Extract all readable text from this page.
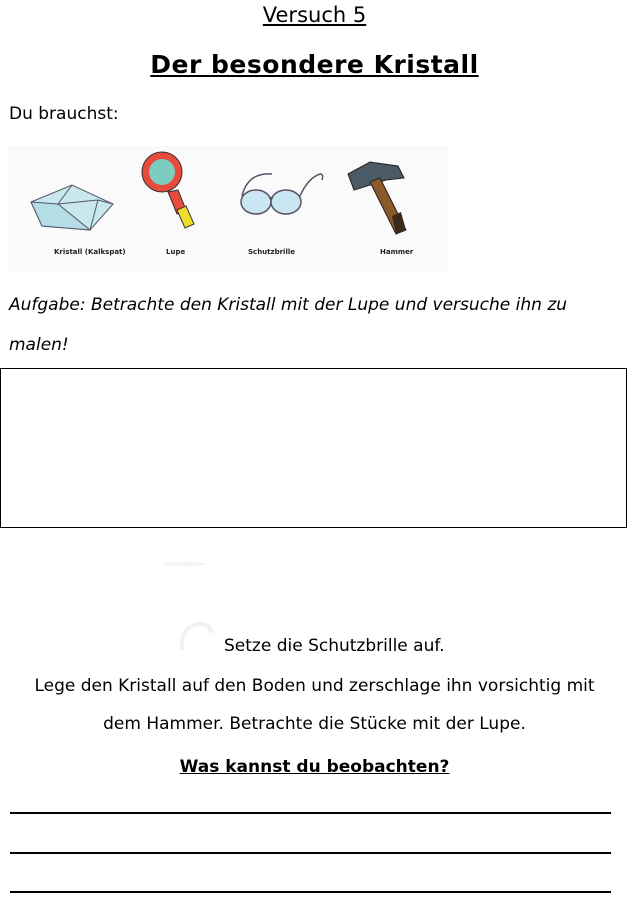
Versuch 5
Der besondere Kristall
Du brauchst:
Kristall (Kalkspat)	Lupe	Schutzbrille	Hammer
Aufgabe: Betrachte den Kristall mit der Lupe und versuche ihn zu malen!
Setze die Schutzbrille auf.
Lege den Kristall auf den Boden und zerschlage ihn vorsichtig mit
dem Hammer. Betrachte die Stücke mit der Lupe.
Was kannst du beobachten?
